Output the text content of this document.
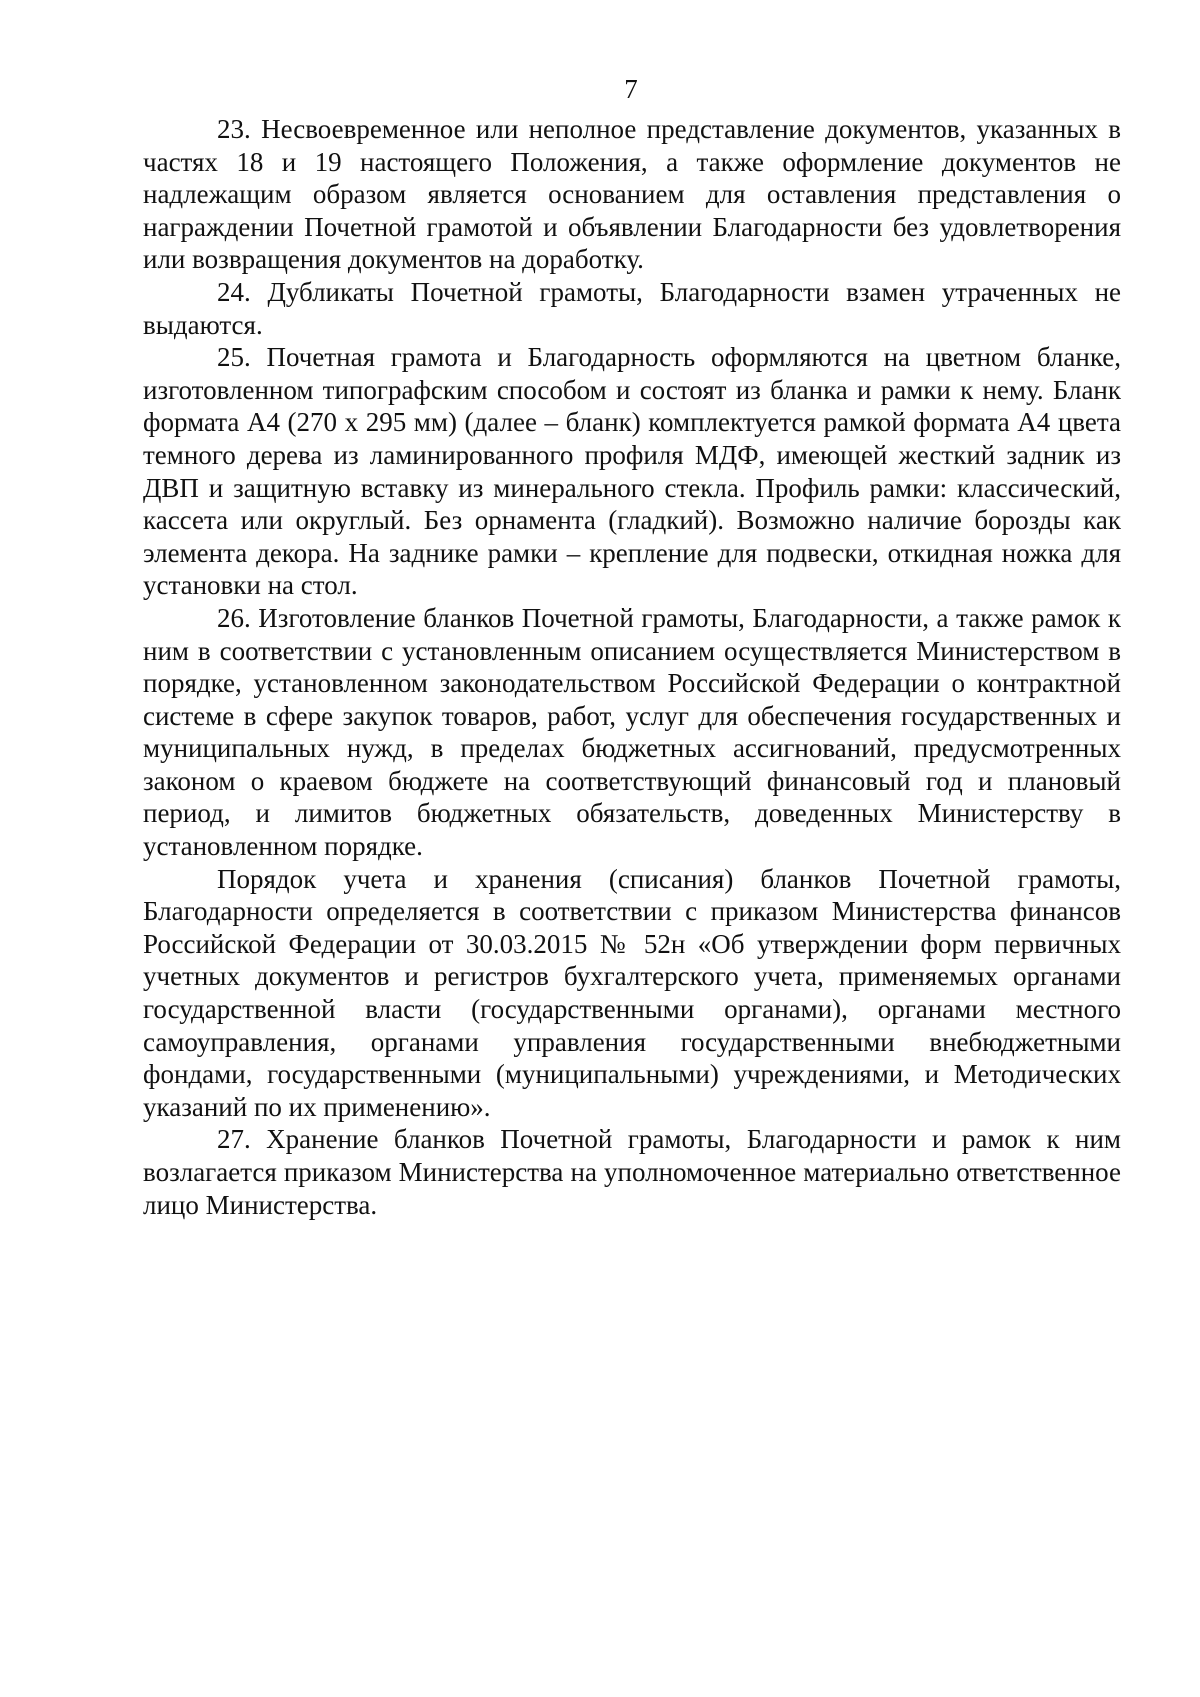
7

23. Несвоевременное или неполное представление документов, указанных в частях 18 и 19 настоящего Положения, а также оформление документов не надлежащим образом является основанием для оставления представления о награждении Почетной грамотой и объявлении Благодарности без удовлетворения или возвращения документов на доработку.

24. Дубликаты Почетной грамоты, Благодарности взамен утраченных не выдаются.

25. Почетная грамота и Благодарность оформляются на цветном бланке, изготовленном типографским способом и состоят из бланка и рамки к нему. Бланк формата А4 (270 х 295 мм) (далее – бланк) комплектуется рамкой формата А4 цвета темного дерева из ламинированного профиля МДФ, имеющей жесткий задник из ДВП и защитную вставку из минерального стекла. Профиль рамки: классический, кассета или округлый. Без орнамента (гладкий). Возможно наличие борозды как элемента декора. На заднике рамки – крепление для подвески, откидная ножка для установки на стол.

26. Изготовление бланков Почетной грамоты, Благодарности, а также рамок к ним в соответствии с установленным описанием осуществляется Министерством в порядке, установленном законодательством Российской Федерации о контрактной системе в сфере закупок товаров, работ, услуг для обеспечения государственных и муниципальных нужд, в пределах бюджетных ассигнований, предусмотренных законом о краевом бюджете на соответствующий финансовый год и плановый период, и лимитов бюджетных обязательств, доведенных Министерству в установленном порядке.

Порядок учета и хранения (списания) бланков Почетной грамоты, Благодарности определяется в соответствии с приказом Министерства финансов Российской Федерации от 30.03.2015 № 52н «Об утверждении форм первичных учетных документов и регистров бухгалтерского учета, применяемых органами государственной власти (государственными органами), органами местного самоуправления, органами управления государственными внебюджетными фондами, государственными (муниципальными) учреждениями, и Методических указаний по их применению».

27. Хранение бланков Почетной грамоты, Благодарности и рамок к ним возлагается приказом Министерства на уполномоченное материально ответственное лицо Министерства.
